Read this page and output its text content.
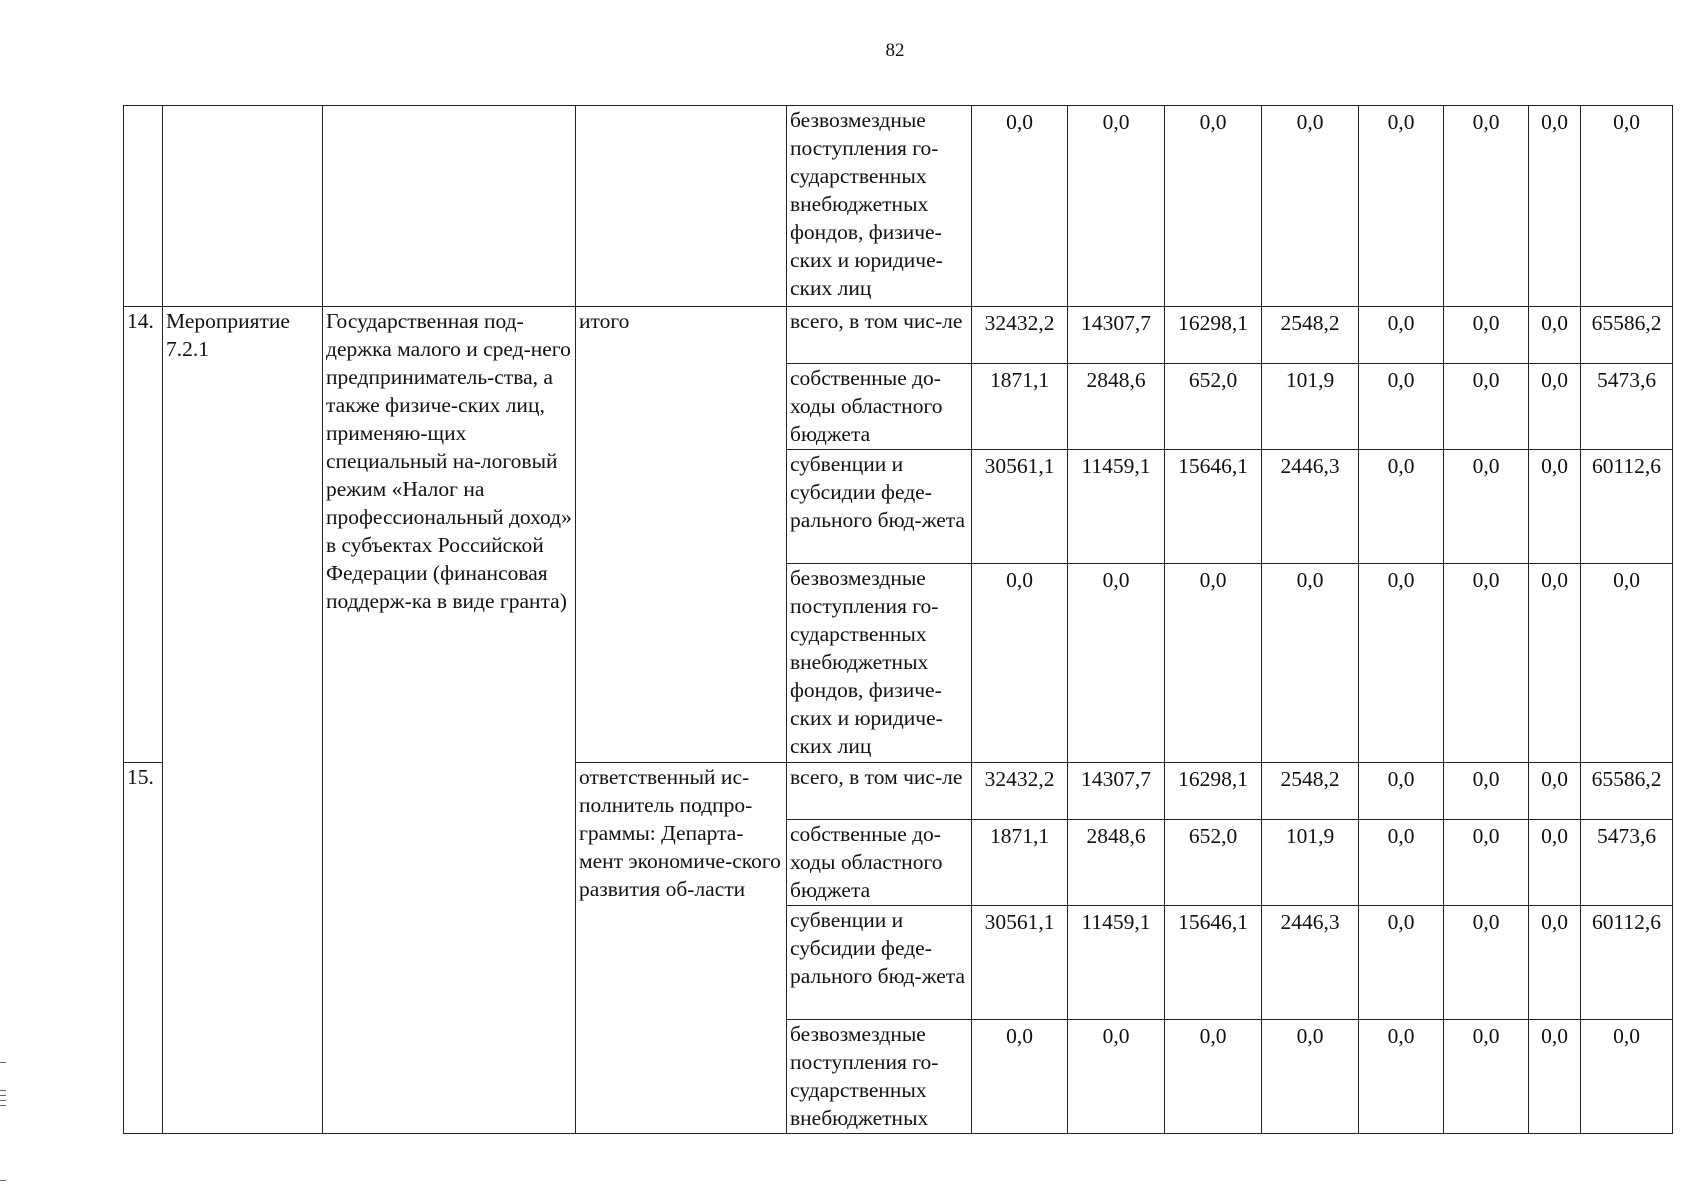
82
				безвозмездные поступления го-сударственных внебюджетных фондов, физиче-ских и юридиче-ских лиц	0,0	0,0	0,0	0,0	0,0	0,0	0,0	0,0

14.	Мероприятие 7.2.1	Государственная под-держка малого и сред-него предприниматель-ства, а также физиче-ских лиц, применяю-щих специальный на-логовый режим «Налог на профессиональный доход» в субъектах Российской Федерации (финансовая поддерж-ка в виде гранта)	итого	всего, в том чис-ле	32432,2	14307,7	16298,1	2548,2	0,0	0,0	0,0	65586,2

				собственные до-ходы областного бюджета	1871,1	2848,6	652,0	101,9	0,0	0,0	0,0	5473,6

				субвенции и субсидии феде-рального бюд-жета	30561,1	11459,1	15646,1	2446,3	0,0	0,0	0,0	60112,6

				безвозмездные поступления го-сударственных внебюджетных фондов, физиче-ских и юридиче-ских лиц	0,0	0,0	0,0	0,0	0,0	0,0	0,0	0,0

15.			ответственный ис-полнитель подпро-граммы: Департа-мент экономиче-ского развития об-ласти	всего, в том чис-ле	32432,2	14307,7	16298,1	2548,2	0,0	0,0	0,0	65586,2

				собственные до-ходы областного бюджета	1871,1	2848,6	652,0	101,9	0,0	0,0	0,0	5473,6

				субвенции и субсидии феде-рального бюд-жета	30561,1	11459,1	15646,1	2446,3	0,0	0,0	0,0	60112,6

				безвозмездные поступления го-сударственных внебюджетных	0,0	0,0	0,0	0,0	0,0	0,0	0,0	0,0
